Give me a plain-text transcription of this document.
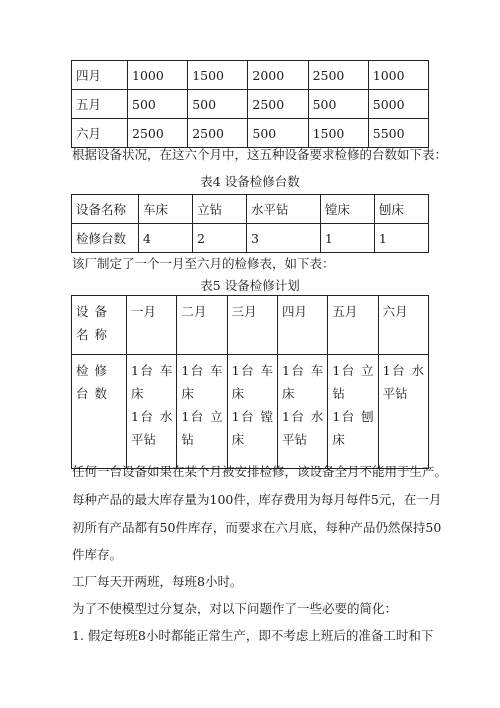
四月	1000	1500	2000	2500	1000
五月	500	500	2500	500	5000
六月	2500	2500	500	1500	5500
根据设备状况，在这六个月中，这五种设备要求检修的台数如下表：
表4 设备检修台数
设备名称	车床	立钻	水平钻	镗床	刨床
检修台数	4	2	3	1	1
该厂制定了一个一月至六月的检修表，如下表：
表5 设备检修计划
设备名称	一月	二月	三月	四月	五月	六月
检修台数	1台 车
床
1台 水
平钻	1台 车
床
1台 立
钻	1台 车
床
1台 镗
床	1台 车
床
1台 水
平钻	1台 立
钻
1台 刨
床	1台 水
平钻
任何一台设备如果在某个月被安排检修，该设备全月不能用于生产。
每种产品的最大库存量为100件，库存费用为每月每件5元，在一月
初所有产品都有50件库存，而要求在六月底，每种产品仍然保持50
件库存。
工厂每天开两班，每班8小时。
为了不使模型过分复杂，对以下问题作了一些必要的简化：
1. 假定每班8小时都能正常生产，即不考虑上班后的准备工时和下
